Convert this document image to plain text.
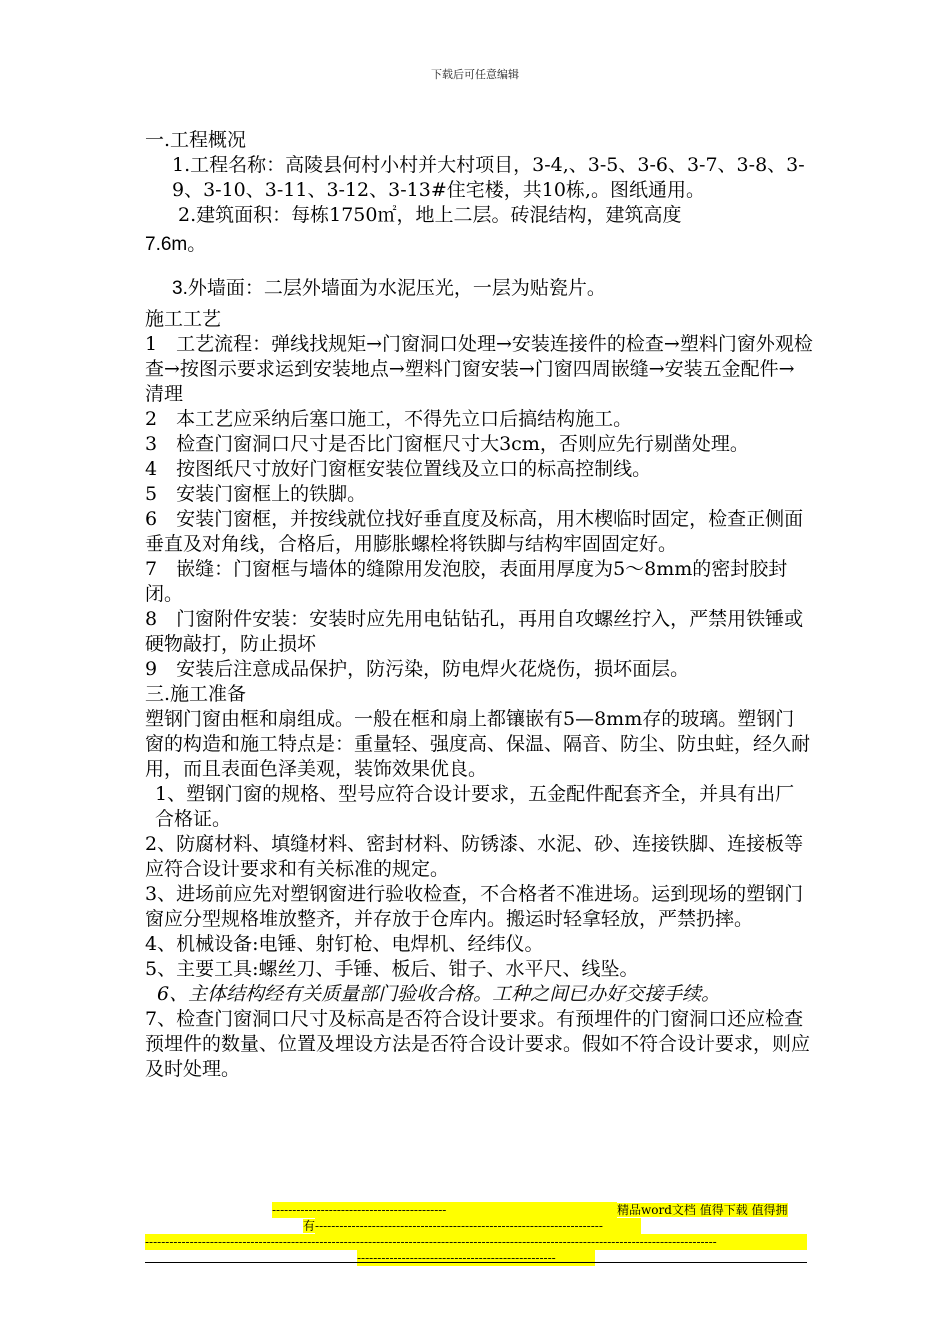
下载后可任意编辑

一.工程概况

1.工程名称：高陵县何村小村并大村项目，3-4,、3-5、3-6、3-7、3-8、3-9、3-10、3-11、3-12、3-13#住宅楼，共10栋,。图纸通用。

2.建筑面积：每栋1750㎡，地上二层。砖混结构，建筑高度

7.6m。

3.外墙面：二层外墙面为水泥压光，一层为贴瓷片。

施工工艺

1　工艺流程：弹线找规矩→门窗洞口处理→安装连接件的检查→塑料门窗外观检查→按图示要求运到安装地点→塑料门窗安装→门窗四周嵌缝→安装五金配件→清理

2　本工艺应采纳后塞口施工，不得先立口后搞结构施工。

3　检查门窗洞口尺寸是否比门窗框尺寸大3cm，否则应先行剔凿处理。

4　按图纸尺寸放好门窗框安装位置线及立口的标高控制线。

5　安装门窗框上的铁脚。

6　安装门窗框，并按线就位找好垂直度及标高，用木楔临时固定，检查正侧面垂直及对角线，合格后，用膨胀螺栓将铁脚与结构牢固固定好。

7　嵌缝：门窗框与墙体的缝隙用发泡胶，表面用厚度为5～8mm的密封胶封闭。

8　门窗附件安装：安装时应先用电钻钻孔，再用自攻螺丝拧入，严禁用铁锤或硬物敲打，防止损坏

9　安装后注意成品保护，防污染，防电焊火花烧伤，损坏面层。

三.施工准备

塑钢门窗由框和扇组成。一般在框和扇上都镶嵌有5—8mm存的玻璃。塑钢门窗的构造和施工特点是：重量轻、强度高、保温、隔音、防尘、防虫蛀，经久耐用，而且表面色泽美观，装饰效果优良。

1、塑钢门窗的规格、型号应符合设计要求，五金配件配套齐全，并具有出厂合格证。

2、防腐材料、填缝材料、密封材料、防锈漆、水泥、砂、连接铁脚、连接板等应符合设计要求和有关标准的规定。

3、进场前应先对塑钢窗进行验收检查，不合格者不准进场。运到现场的塑钢门窗应分型规格堆放整齐，并存放于仓库内。搬运时轻拿轻放，严禁扔摔。

4、机械设备:电锤、射钉枪、电焊机、经纬仪。

5、主要工具:螺丝刀、手锤、板后、钳子、水平尺、线坠。

6、主体结构经有关质量部门验收合格。工种之间已办好交接手续。

7、检查门窗洞口尺寸及标高是否符合设计要求。有预埋件的门窗洞口还应检查预埋件的数量、位置及埋设方法是否符合设计要求。假如不符合设计要求，则应及时处理。

-------------------------------------------	精品word文档 值得下载 值得拥
有-----------------------------------------------------------------------
---------------------------------------------------------------------------------------------------------------------------------------------
-------------------------------------------------
